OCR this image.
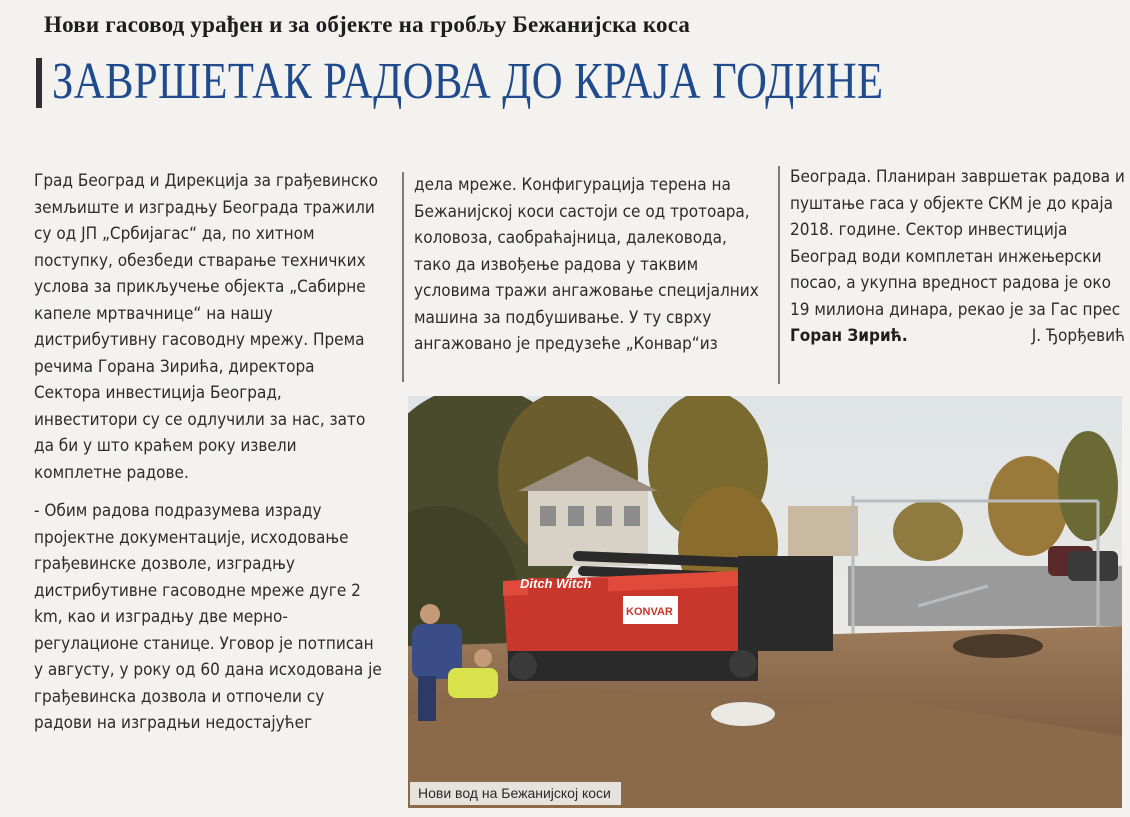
Нови гасовод урађен и за објекте на гробљу Бежанијска коса
ЗАВРШЕТАК РАДОВА ДО КРАЈА ГОДИНЕ

Град Београд и Дирекција за грађевинско земљиште и изградњу Београда тражили су од ЈП „Србијагас“ да, по хитном поступку, обезбеди стварање техничких услова за прикључење објекта „Сабирне капеле мртвачнице“ на нашу дистрибутивну гасоводну мрежу. Према речима Горана Зирића, директора Сектора инвестиција Београд, инвеститори су се одлучили за нас, зато да би у што краћем року извели комплетне радове.

- Обим радова подразумева израду пројектне документације, исходовање грађевинске дозволе, изградњу дистрибутивне гасоводне мреже дуге 2 km, као и изградњу две мерно-регулационе станице. Уговор је потписан у августу, у року од 60 дана исходована је грађевинска дозвола и отпочели су радови на изградњи недостајућег

дела мреже. Конфигурација терена на Бежанијској коси састоји се од тротоара, коловоза, саобраћајница, далековода, тако да извођење радова у таквим условима тражи ангажовање специјалних машина за подбушивање. У ту сврху ангажовано је предузеће „Конвар“из

Београда. Планиран завршетак радова и пуштање гаса у објекте СКМ је до краја 2018. године. Сектор инвестиција Београд води комплетан инжењерски посао, а укупна вредност радова је око 19 милиона динара, рекао је за Гас прес

Горан Зирић.	Ј. Ђорђевић

Ditch Witch
KONVAR
Нови вод на Бежанијској коси
